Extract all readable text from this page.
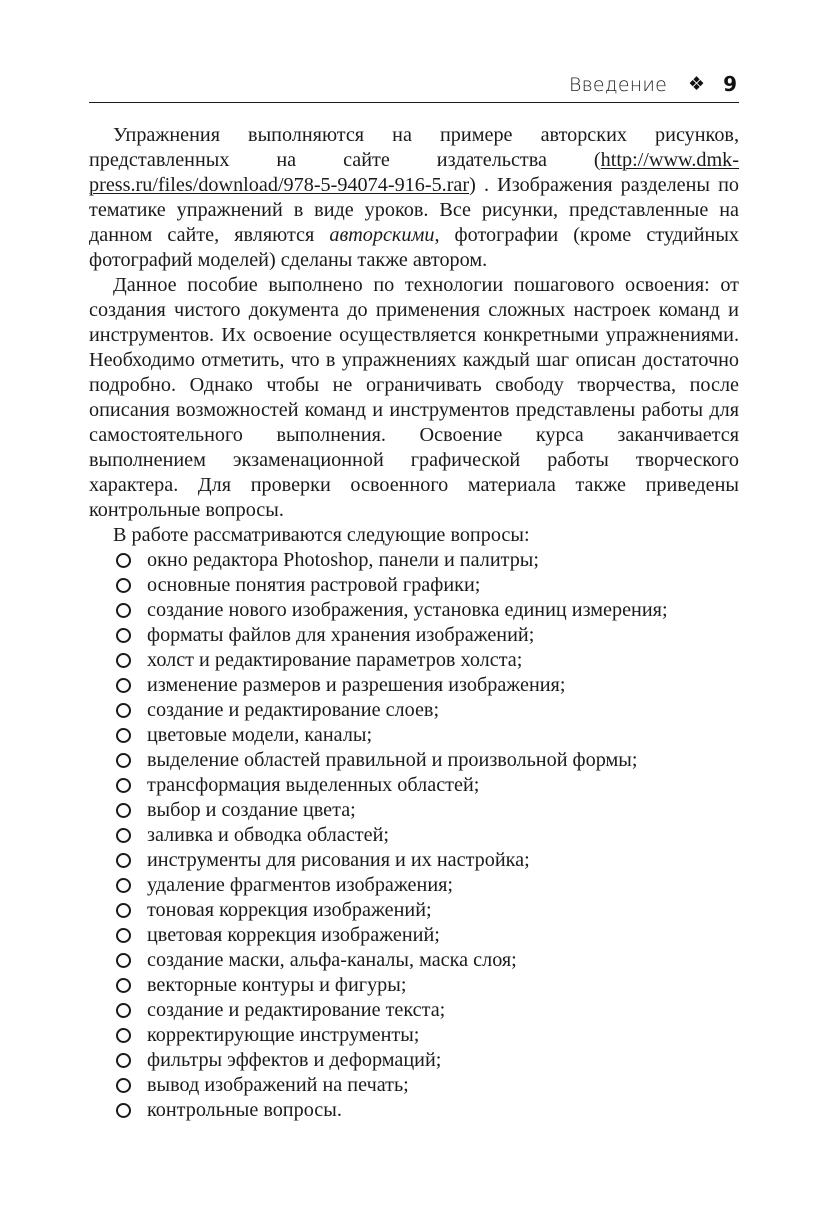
Введение ❖ 9

Упражнения выполняются на примере авторских рисунков, представленных на сайте издательства (http://www.dmk-press.ru/files/download/978-5-94074-916-5.rar) . Изображения разделены по тематике упражнений в виде уроков. Все рисунки, представленные на данном сайте, являются авторскими, фотографии (кроме студийных фотографий моделей) сделаны также автором.

Данное пособие выполнено по технологии пошагового освоения: от создания чистого документа до применения сложных настроек команд и инструментов. Их освоение осуществляется конкретными упражнениями. Необходимо отметить, что в упражнениях каждый шаг описан достаточно подробно. Однако чтобы не ограничивать свободу творчества, после описания возможностей команд и инструментов представлены работы для самостоятельного выполнения. Освоение курса заканчивается выполнением экзаменационной графической работы творческого характера. Для проверки освоенного материала также приведены контрольные вопросы.

В работе рассматриваются следующие вопросы:

окно редактора Photoshop, панели и палитры;
основные понятия растровой графики;
создание нового изображения, установка единиц измерения;
форматы файлов для хранения изображений;
холст и редактирование параметров холста;
изменение размеров и разрешения изображения;
создание и редактирование слоев;
цветовые модели, каналы;
выделение областей правильной и произвольной формы;
трансформация выделенных областей;
выбор и создание цвета;
заливка и обводка областей;
инструменты для рисования и их настройка;
удаление фрагментов изображения;
тоновая коррекция изображений;
цветовая коррекция изображений;
создание маски, альфа-каналы, маска слоя;
векторные контуры и фигуры;
создание и редактирование текста;
корректирующие инструменты;
фильтры эффектов и деформаций;
вывод изображений на печать;
контрольные вопросы.
